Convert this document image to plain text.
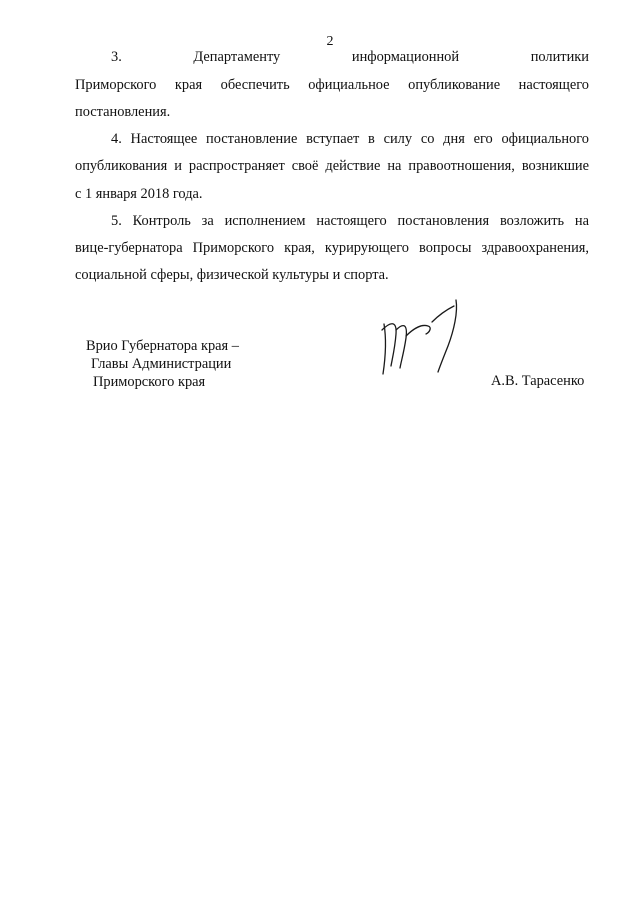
2

3. Департаменту информационной политики

Приморского края обеспечить официальное опубликование настоящего

постановления.

4. Настоящее постановление вступает в силу со дня его официального

опубликования и распространяет своё действие на правоотношения, возникшие

с 1 января 2018 года.

5. Контроль за исполнением настоящего постановления возложить на

вице-губернатора Приморского края, курирующего вопросы здравоохранения,

социальной сферы, физической культуры и спорта.

Врио Губернатора края –
Главы Администрации
Приморского края	А.В. Тарасенко
